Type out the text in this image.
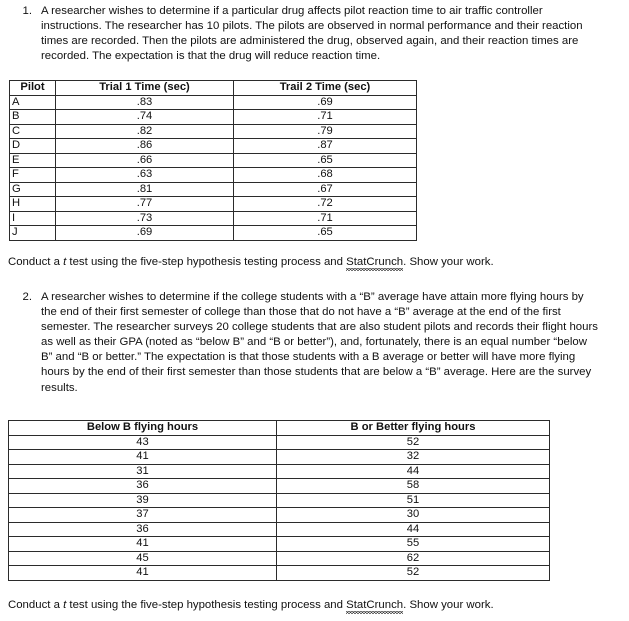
1. A researcher wishes to determine if a particular drug affects pilot reaction time to air traffic controller instructions. The researcher has 10 pilots. The pilots are observed in normal performance and their reaction times are recorded. Then the pilots are administered the drug, observed again, and their reaction times are recorded. The expectation is that the drug will reduce reaction time.
Pilot	Trial 1 Time (sec)	Trail 2 Time (sec)
A	.83	.69
B	.74	.71
C	.82	.79
D	.86	.87
E	.66	.65
F	.63	.68
G	.81	.67
H	.77	.72
I	.73	.71
J	.69	.65
Conduct a t test using the five-step hypothesis testing process and StatCrunch. Show your work.
2. A researcher wishes to determine if the college students with a “B” average have attain more flying hours by the end of their first semester of college than those that do not have a “B” average at the end of the first semester. The researcher surveys 20 college students that are also student pilots and records their flight hours as well as their GPA (noted as “below B” and “B or better”), and, fortunately, there is an equal number “below B” and “B or better.” The expectation is that those students with a B average or better will have more flying hours by the end of their first semester than those students that are below a “B” average. Here are the survey results.
Below B flying hours	B or Better flying hours
43	52
41	32
31	44
36	58
39	51
37	30
36	44
41	55
45	62
41	52
Conduct a t test using the five-step hypothesis testing process and StatCrunch. Show your work.
